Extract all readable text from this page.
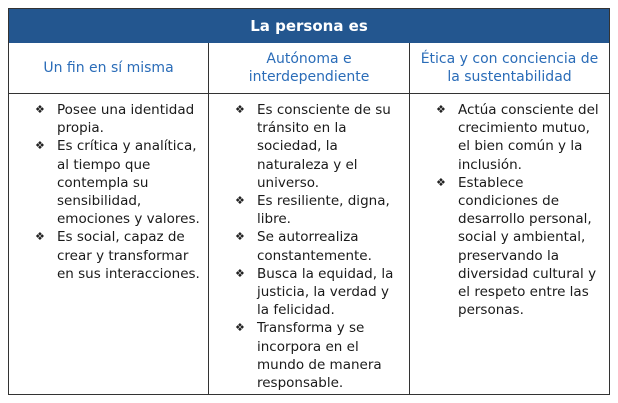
La persona es
Un fin en sí misma
Autónoma e interdependiente
Ética y con conciencia de la sustentabilidad
❖ Posee una identidad propia.
❖ Es crítica y analítica, al tiempo que contempla su sensibilidad, emociones y valores.
❖ Es social, capaz de crear y transformar en sus interacciones.
❖ Es consciente de su tránsito en la sociedad, la naturaleza y el universo.
❖ Es resiliente, digna, libre.
❖ Se autorrealiza constantemente.
❖ Busca la equidad, la justicia, la verdad y la felicidad.
❖ Transforma y se incorpora en el mundo de manera responsable.
❖ Actúa consciente del crecimiento mutuo, el bien común y la inclusión.
❖ Establece condiciones de desarrollo personal, social y ambiental, preservando la diversidad cultural y el respeto entre las personas.
